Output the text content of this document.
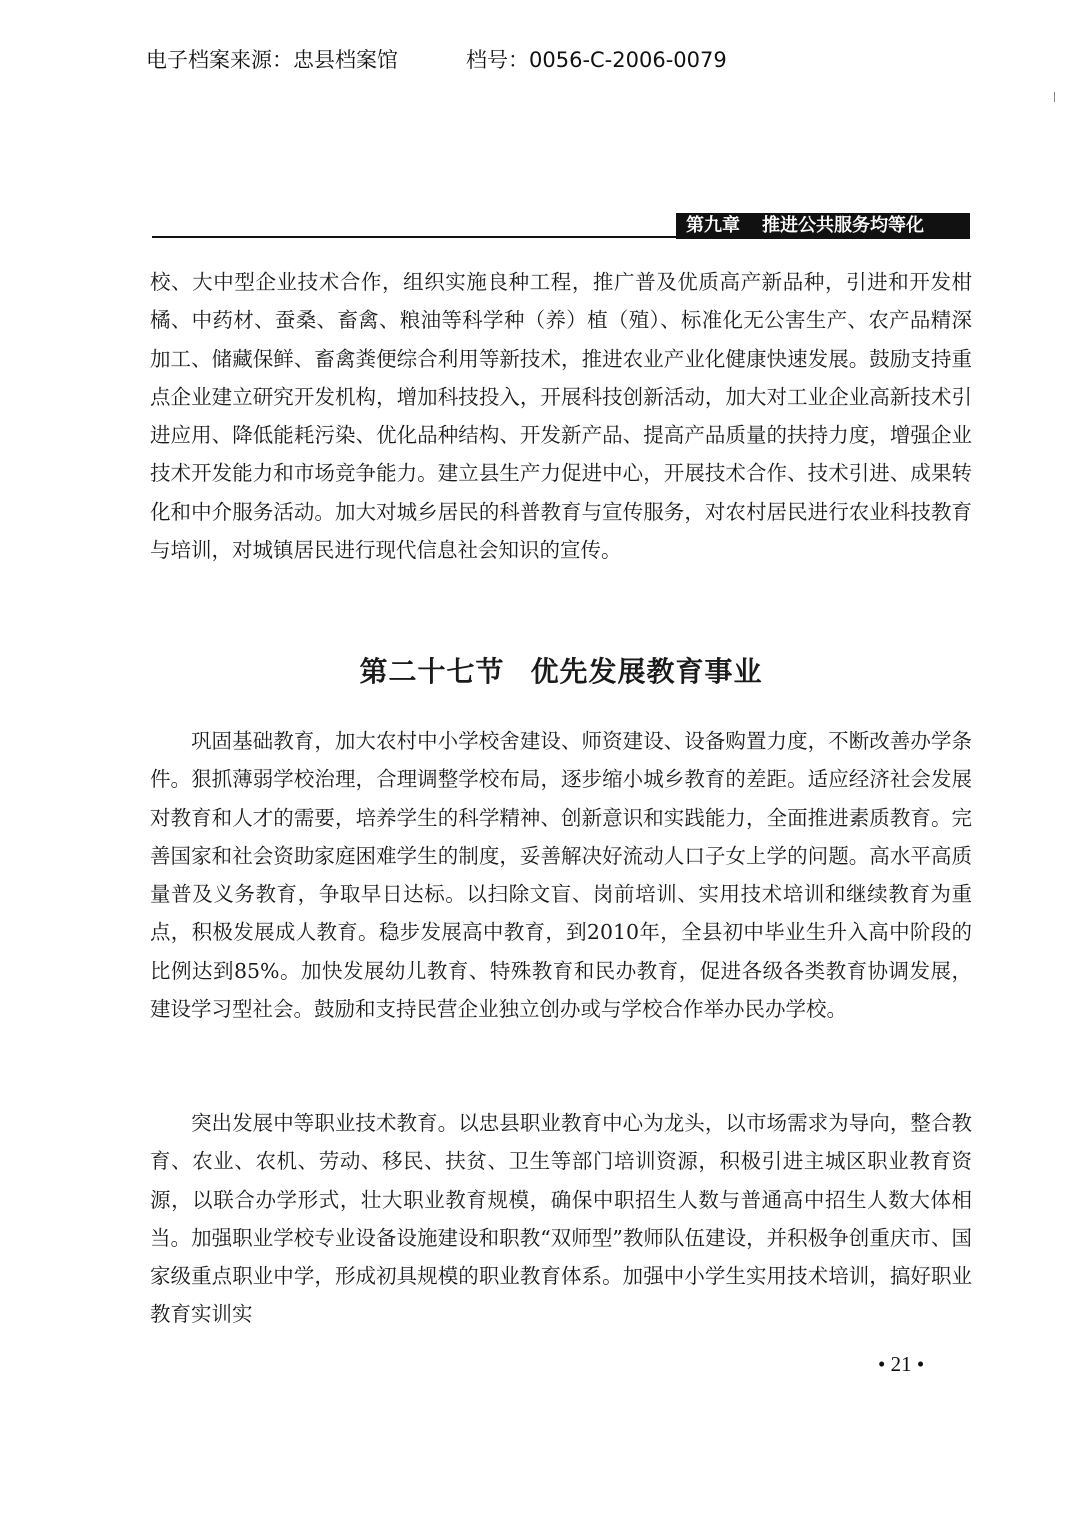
电子档案来源：忠县档案馆	档号：0056-C-2006-0079
第九章 推进公共服务均等化

校、大中型企业技术合作，组织实施良种工程，推广普及优质高产新品种，引进和开发柑橘、中药材、蚕桑、畜禽、粮油等科学种（养）植（殖）、标准化无公害生产、农产品精深加工、储藏保鲜、畜禽粪便综合利用等新技术，推进农业产业化健康快速发展。鼓励支持重点企业建立研究开发机构，增加科技投入，开展科技创新活动，加大对工业企业高新技术引进应用、降低能耗污染、优化品种结构、开发新产品、提高产品质量的扶持力度，增强企业技术开发能力和市场竞争能力。建立县生产力促进中心，开展技术合作、技术引进、成果转化和中介服务活动。加大对城乡居民的科普教育与宣传服务，对农村居民进行农业科技教育与培训，对城镇居民进行现代信息社会知识的宣传。

第二十七节 优先发展教育事业

巩固基础教育，加大农村中小学校舍建设、师资建设、设备购置力度，不断改善办学条件。狠抓薄弱学校治理，合理调整学校布局，逐步缩小城乡教育的差距。适应经济社会发展对教育和人才的需要，培养学生的科学精神、创新意识和实践能力，全面推进素质教育。完善国家和社会资助家庭困难学生的制度，妥善解决好流动人口子女上学的问题。高水平高质量普及义务教育，争取早日达标。以扫除文盲、岗前培训、实用技术培训和继续教育为重点，积极发展成人教育。稳步发展高中教育，到2010年，全县初中毕业生升入高中阶段的比例达到85%。加快发展幼儿教育、特殊教育和民办教育，促进各级各类教育协调发展，建设学习型社会。鼓励和支持民营企业独立创办或与学校合作举办民办学校。

突出发展中等职业技术教育。以忠县职业教育中心为龙头，以市场需求为导向，整合教育、农业、农机、劳动、移民、扶贫、卫生等部门培训资源，积极引进主城区职业教育资源，以联合办学形式，壮大职业教育规模，确保中职招生人数与普通高中招生人数大体相当。加强职业学校专业设备设施建设和职教“双师型”教师队伍建设，并积极争创重庆市、国家级重点职业中学，形成初具规模的职业教育体系。加强中小学生实用技术培训，搞好职业教育实训实

• 21 •
